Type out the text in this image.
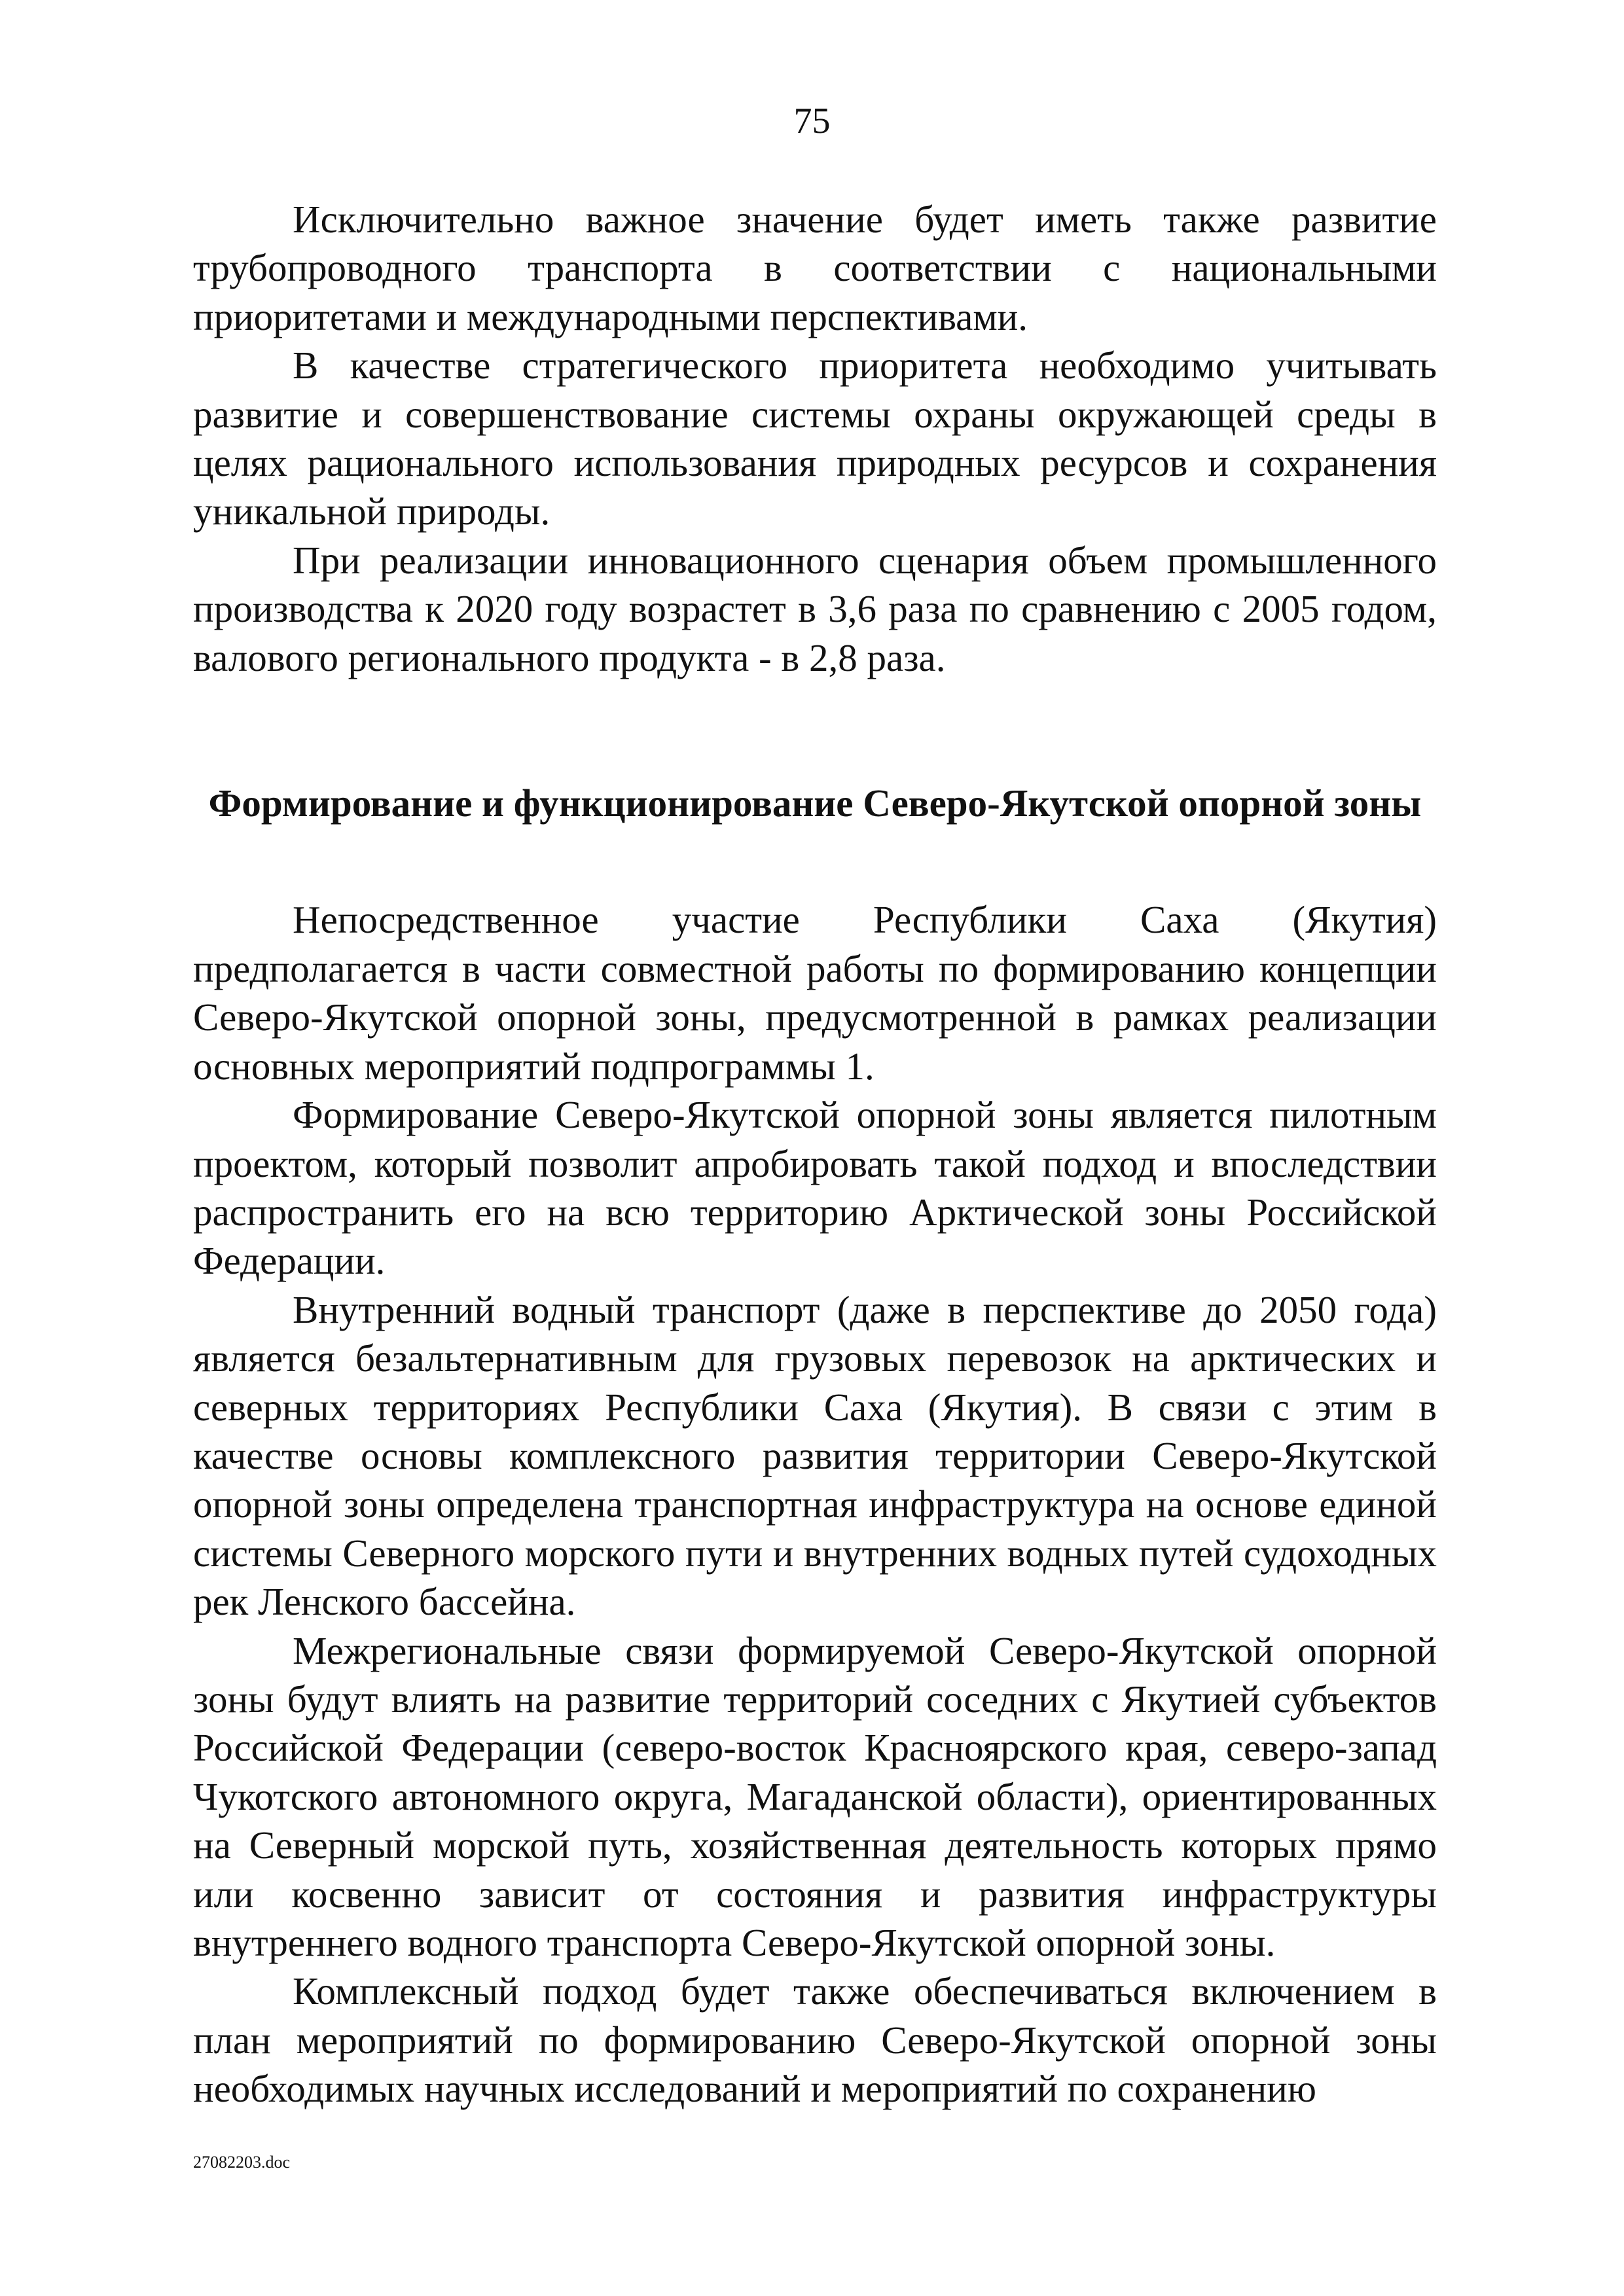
75

Исключительно важное значение будет иметь также развитие трубопроводного транспорта в соответствии с национальными приоритетами и международными перспективами.

В качестве стратегического приоритета необходимо учитывать развитие и совершенствование системы охраны окружающей среды в целях рационального использования природных ресурсов и сохранения уникальной природы.

При реализации инновационного сценария объем промышленного производства к 2020 году возрастет в 3,6 раза по сравнению с 2005 годом, валового регионального продукта - в 2,8 раза.

Формирование и функционирование Северо-Якутской опорной зоны

Непосредственное участие Республики Саха (Якутия) предполагается в части совместной работы по формированию концепции Северо-Якутской опорной зоны, предусмотренной в рамках реализации основных мероприятий подпрограммы 1.

Формирование Северо-Якутской опорной зоны является пилотным проектом, который позволит апробировать такой подход и впоследствии распространить его на всю территорию Арктической зоны Российской Федерации.

Внутренний водный транспорт (даже в перспективе до 2050 года) является безальтернативным для грузовых перевозок на арктических и северных территориях Республики Саха (Якутия). В связи с этим в качестве основы комплексного развития территории Северо-Якутской опорной зоны определена транспортная инфраструктура на основе единой системы Северного морского пути и внутренних водных путей судоходных рек Ленского бассейна.

Межрегиональные связи формируемой Северо-Якутской опорной зоны будут влиять на развитие территорий соседних с Якутией субъектов Российской Федерации (северо-восток Красноярского края, северо-запад Чукотского автономного округа, Магаданской области), ориентированных на Северный морской путь, хозяйственная деятельность которых прямо или косвенно зависит от состояния и развития инфраструктуры внутреннего водного транспорта Северо-Якутской опорной зоны.

Комплексный подход будет также обеспечиваться включением в план мероприятий по формированию Северо-Якутской опорной зоны необходимых научных исследований и мероприятий по сохранению

27082203.doc
